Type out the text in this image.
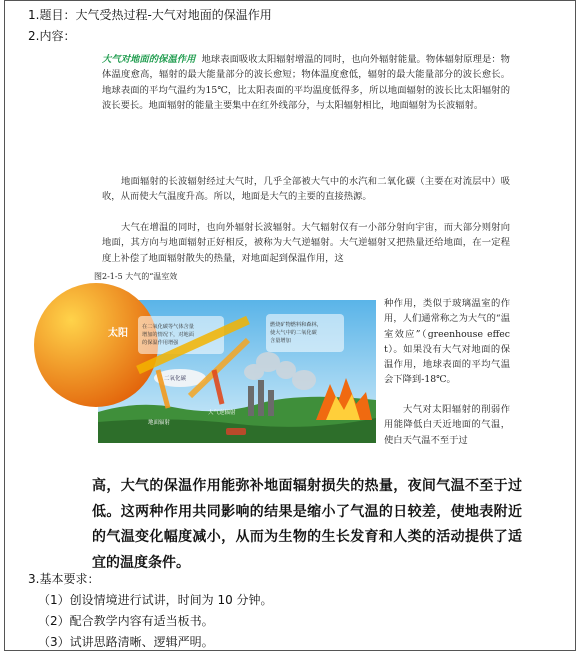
1.题目：大气受热过程-大气对地面的保温作用
2.内容：
大气对地面的保温作用 地球表面吸收太阳辐射增温的同时，也向外辐射能量。物体辐射原理是：物体温度愈高，辐射的最大能量部分的波长愈短；物体温度愈低，辐射的最大能量部分的波长愈长。地球表面的平均气温约为15℃，比太阳表面的平均温度低得多，所以地面辐射的波长比太阳辐射的波长要长。地面辐射的能量主要集中在红外线部分，与太阳辐射相比，地面辐射为长波辐射。
地面辐射的长波辐射经过大气时，几乎全部被大气中的水汽和二氧化碳（主要在对流层中）吸收，从而使大气温度升高。所以，地面是大气的主要的直接热源。
大气在增温的同时，也向外辐射长波辐射。大气辐射仅有一小部分射向宇宙，而大部分则射向地面，其方向与地面辐射正好相反，被称为大气逆辐射。大气逆辐射又把热量还给地面，在一定程度上补偿了地面辐射散失的热量，对地面起到保温作用，这
种作用，类似于玻璃温室的作用，人们通常称之为大气的“温室效应”（greenhouse effect）。如果没有大气对地面的保温作用，地球表面的平均气温会下降到-18℃。
大气对太阳辐射的削弱作用能降低白天近地面的气温，使白天气温不至于过
图2-1-5 大气的“温室效
太阳
在二氧化碳等气体含量增加的情况下，对地面的保温作用增强
燃烧矿物燃料和森林，使大气中的二氧化碳含量增加
二氧化碳
地面辐射
大气逆辐射
高，大气的保温作用能弥补地面辐射损失的热量，夜间气温不至于过低。这两种作用共同影响的结果是缩小了气温的日较差，使地表附近的气温变化幅度减小，从而为生物的生长发育和人类的活动提供了适宜的温度条件。
3.基本要求：
（1）创设情境进行试讲，时间为 10 分钟。
（2）配合教学内容有适当板书。
（3）试讲思路清晰、逻辑严明。
